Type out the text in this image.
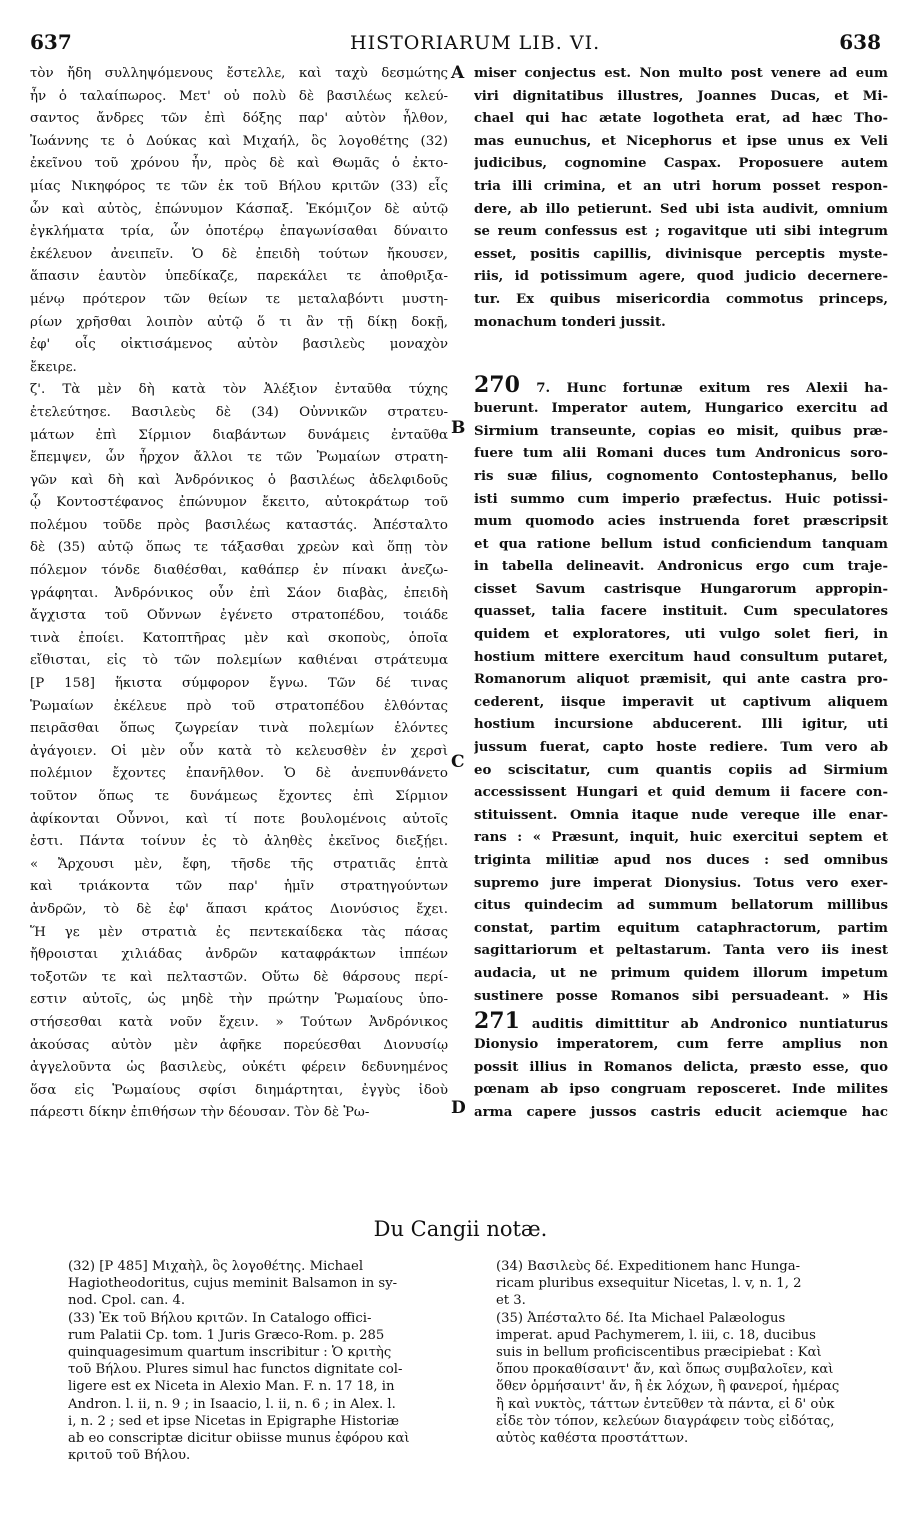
637	HISTORIARUM LIB. VI.	638
A
B
C
D
τὸν ἤδη συλληψόμενους ἔστελλε, καὶ ταχὺ δεσμώτης
ἦν ὁ ταλαίπωρος. Μετ' οὐ πολὺ δὲ βασιλέως κελεύ-
σαντος ἄνδρες τῶν ἐπὶ δόξης παρ' αὐτὸν ἦλθον,
Ἰωάννης τε ὁ Δούκας καὶ Μιχαήλ, ὃς λογοθέτης (32)
ἐκεῖνου τοῦ χρόνου ἦν, πρὸς δὲ καὶ Θωμᾶς ὁ ἐκτο-
μίας Νικηφόρος τε τῶν ἐκ τοῦ Βήλου κριτῶν (33) εἷς
ὧν καὶ αὐτὸς, ἐπώνυμον Κάσπαξ. Ἐκόμιζον δὲ αὐτῷ
ἐγκλήματα τρία, ὧν ὁποτέρῳ ἐπαγωνίσαθαι δύναιτο
ἐκέλευον ἀνειπεῖν. Ὁ δὲ ἐπειδὴ τούτων ἤκουσεν,
ἅπασιν ἑαυτὸν ὑπεδίκαζε, παρεκάλει τε ἀποθριξα-
μένῳ πρότερον τῶν θείων τε μεταλαβόντι μυστη-
ρίων χρῆσθαι λοιπὸν αὐτῷ ὅ τι ἂν τῇ δίκῃ δοκῇ,
ἐφ' οἷς οἰκτισάμενος αὐτὸν βασιλεὺς μοναχὸν
ἔκειρε.
ζ'. Τὰ μὲν δὴ κατὰ τὸν Ἀλέξιον ἐνταῦθα τύχης
ἐτελεύτησε. Βασιλεὺς δὲ (34) Οὐννικῶν στρατευ-
μάτων ἐπὶ Σίρμιον διαβάντων δυνάμεις ἐνταῦθα
ἔπεμψεν, ὧν ἦρχον ἄλλοι τε τῶν Ῥωμαίων στρατη-
γῶν καὶ δὴ καὶ Ἀνδρόνικος ὁ βασιλέως ἀδελφιδοῦς
ᾧ Κοντοστέφανος ἐπώνυμον ἔκειτο, αὐτοκράτωρ τοῦ
πολέμου τοῦδε πρὸς βασιλέως καταστάς. Ἀπέσταλτο
δὲ (35) αὐτῷ ὅπως τε τάξασθαι χρεὼν καὶ ὅπῃ τὸν
πόλεμον τόνδε διαθέσθαι, καθάπερ ἐν πίνακι ἀνεζω-
γράφηται. Ἀνδρόνικος οὖν ἐπὶ Σάον διαβὰς, ἐπειδὴ
ἄγχιστα τοῦ Οὔννων ἐγένετο στρατοπέδου, τοιάδε
τινὰ ἐποίει. Κατοπτῆρας μὲν καὶ σκοποὺς, ὁποῖα
εἴθισται, εἰς τὸ τῶν πολεμίων καθιέναι στράτευμα
[P 158] ἥκιστα σύμφορον ἔγνω. Τῶν δέ τινας
Ῥωμαίων ἐκέλευε πρὸ τοῦ στρατοπέδου ἐλθόντας
πειρᾶσθαι ὅπως ζωγρείαν τινὰ πολεμίων ἑλόντες
ἀγάγοιεν. Οἱ μὲν οὖν κατὰ τὸ κελευσθὲν ἐν χερσὶ
πολέμιον ἔχοντες ἐπανῆλθον. Ὁ δὲ ἀνεπυνθάνετο
τοῦτον ὅπως τε δυνάμεως ἔχοντες ἐπὶ Σίρμιον
ἀφίκονται Οὖννοι, καὶ τί ποτε βουλομένοις αὐτοῖς
ἐστι. Πάντα τοίνυν ἐς τὸ ἀληθὲς ἐκεῖνος διεξῄει.
« Ἄρχουσι μὲν, ἔφη, τῆσδε τῆς στρατιᾶς ἑπτὰ
καὶ τριάκοντα τῶν παρ' ἡμῖν στρατηγούντων
ἀνδρῶν, τὸ δὲ ἐφ' ἅπασι κράτος Διονύσιος ἔχει.
Ἥ γε μὲν στρατιὰ ἐς πεντεκαίδεκα τὰς πάσας
ἤθροισται χιλιάδας ἀνδρῶν καταφράκτων ἱππέων
τοξοτῶν τε καὶ πελταστῶν. Οὕτω δὲ θάρσους περί-
εστιν αὐτοῖς, ὡς μηδὲ τὴν πρώτην Ῥωμαίους ὑπο-
στήσεσθαι κατὰ νοῦν ἔχειν. » Τούτων Ἀνδρόνικος
ἀκούσας αὐτὸν μὲν ἀφῆκε πορεύεσθαι Διονυσίῳ
ἀγγελοῦντα ὡς βασιλεὺς, οὐκέτι φέρειν δεδυνημένος
ὅσα εἰς Ῥωμαίους σφίσι διημάρτηται, ἐγγὺς ἰδοὺ
πάρεστι δίκην ἐπιθήσων τὴν δέουσαν. Τὸν δὲ Ῥω-
miser conjectus est. Non multo post venere ad eum
viri dignitatibus illustres, Joannes Ducas, et Mi-
chael qui hac ætate logotheta erat, ad hæc Tho-
mas eunuchus, et Nicephorus et ipse unus ex Veli
judicibus, cognomine Caspax. Proposuere autem
tria illi crimina, et an utri horum posset respon-
dere, ab illo petierunt. Sed ubi ista audivit, omnium
se reum confessus est ; rogavitque uti sibi integrum
esset, positis capillis, divinisque perceptis myste-
riis, id potissimum agere, quod judicio decernere-
tur. Ex quibus misericordia commotus princeps,
monachum tonderi jussit.
270 7. Hunc fortunæ exitum res Alexii ha-
buerunt. Imperator autem, Hungarico exercitu ad
Sirmium transeunte, copias eo misit, quibus præ-
fuere tum alii Romani duces tum Andronicus soro-
ris suæ filius, cognomento Contostephanus, bello
isti summo cum imperio præfectus. Huic potissi-
mum quomodo acies instruenda foret præscripsit
et qua ratione bellum istud conficiendum tanquam
in tabella delineavit. Andronicus ergo cum traje-
cisset Savum castrisque Hungarorum appropin-
quasset, talia facere instituit. Cum speculatores
quidem et exploratores, uti vulgo solet fieri, in
hostium mittere exercitum haud consultum putaret,
Romanorum aliquot præmisit, qui ante castra pro-
cederent, iisque imperavit ut captivum aliquem
hostium incursione abducerent. Illi igitur, uti
jussum fuerat, capto hoste rediere. Tum vero ab
eo sciscitatur, cum quantis copiis ad Sirmium
accessissent Hungari et quid demum ii facere con-
stituissent. Omnia itaque nude vereque ille enar-
rans : « Præsunt, inquit, huic exercitui septem et
triginta militiæ apud nos duces : sed omnibus
supremo jure imperat Dionysius. Totus vero exer-
citus quindecim ad summum bellatorum millibus
constat, partim equitum cataphractorum, partim
sagittariorum et peltastarum. Tanta vero iis inest
audacia, ut ne primum quidem illorum impetum
sustinere posse Romanos sibi persuadeant. » His
271 auditis dimittitur ab Andronico nuntiaturus
Dionysio imperatorem, cum ferre amplius non
possit illius in Romanos delicta, præsto esse, quo
pœnam ab ipso congruam reposceret. Inde milites
arma capere jussos castris educit aciemque hac
Du Cangii notæ.
(32) [P 485] Μιχαὴλ, ὃς λογοθέτης. Michael
Hagiotheodoritus, cujus meminit Balsamon in sy-
nod. Cpol. can. 4.
(33) Ἐκ τοῦ Βήλου κριτῶν. In Catalogo offici-
rum Palatii Cp. tom. 1 Juris Græco-Rom. p. 285
quinquagesimum quartum inscribitur : Ὁ κριτὴς
τοῦ Βήλου. Plures simul hac functos dignitate col-
ligere est ex Niceta in Alexio Man. F. n. 17 18, in
Andron. l. ii, n. 9 ; in Isaacio, l. ii, n. 6 ; in Alex. l.
i, n. 2 ; sed et ipse Nicetas in Epigraphe Historiæ
ab eo conscriptæ dicitur obiisse munus ἐφόρου καὶ
κριτοῦ τοῦ Βήλου.
(34) Βασιλεὺς δέ. Expeditionem hanc Hunga-
ricam pluribus exsequitur Nicetas, l. v, n. 1, 2
et 3.
(35) Ἀπέσταλτο δέ. Ita Michael Palæologus
imperat. apud Pachymerem, l. iii, c. 18, ducibus
suis in bellum proficiscentibus præcipiebat : Καὶ
ὅπου προκαθίσαιντ' ἄν, καὶ ὅπως συμβαλοῖεν, καὶ
ὅθεν ὁρμήσαιντ' ἄν, ἢ ἐκ λόχων, ἢ φανεροί, ἡμέρας
ἢ καὶ νυκτὸς, τάττων ἐντεῦθεν τὰ πάντα, εἰ δ' οὐκ
εἶδε τὸν τόπον, κελεύων διαγράφειν τοὺς εἰδότας,
αὐτὸς καθέστα προστάττων.
